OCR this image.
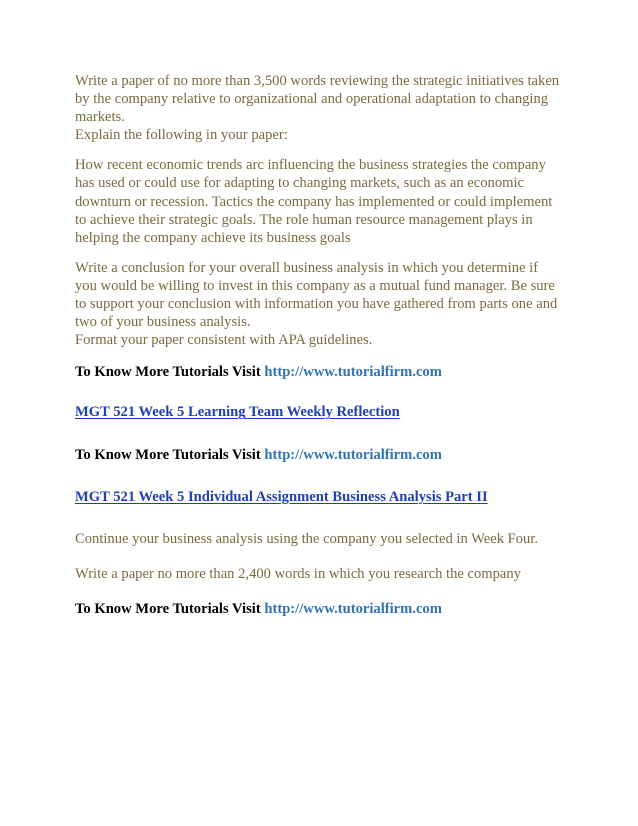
Write a paper of no more than 3,500 words reviewing the strategic initiatives taken
by the company relative to organizational and operational adaptation to changing
markets.
Explain the following in your paper:

How recent economic trends arc influencing the business strategies the company
has used or could use for adapting to changing markets, such as an economic
downturn or recession. Tactics the company has implemented or could implement
to achieve their strategic goals. The role human resource management plays in
helping the company achieve its business goals

Write a conclusion for your overall business analysis in which you determine if
you would be willing to invest in this company as a mutual fund manager. Be sure
to support your conclusion with information you have gathered from parts one and
two of your business analysis.
Format your paper consistent with APA guidelines.

To Know More Tutorials Visit http://www.tutorialfirm.com

MGT 521 Week 5 Learning Team Weekly Reflection

To Know More Tutorials Visit http://www.tutorialfirm.com

MGT 521 Week 5 Individual Assignment Business Analysis Part II

Continue your business analysis using the company you selected in Week Four.

Write a paper no more than 2,400 words in which you research the company

To Know More Tutorials Visit http://www.tutorialfirm.com
